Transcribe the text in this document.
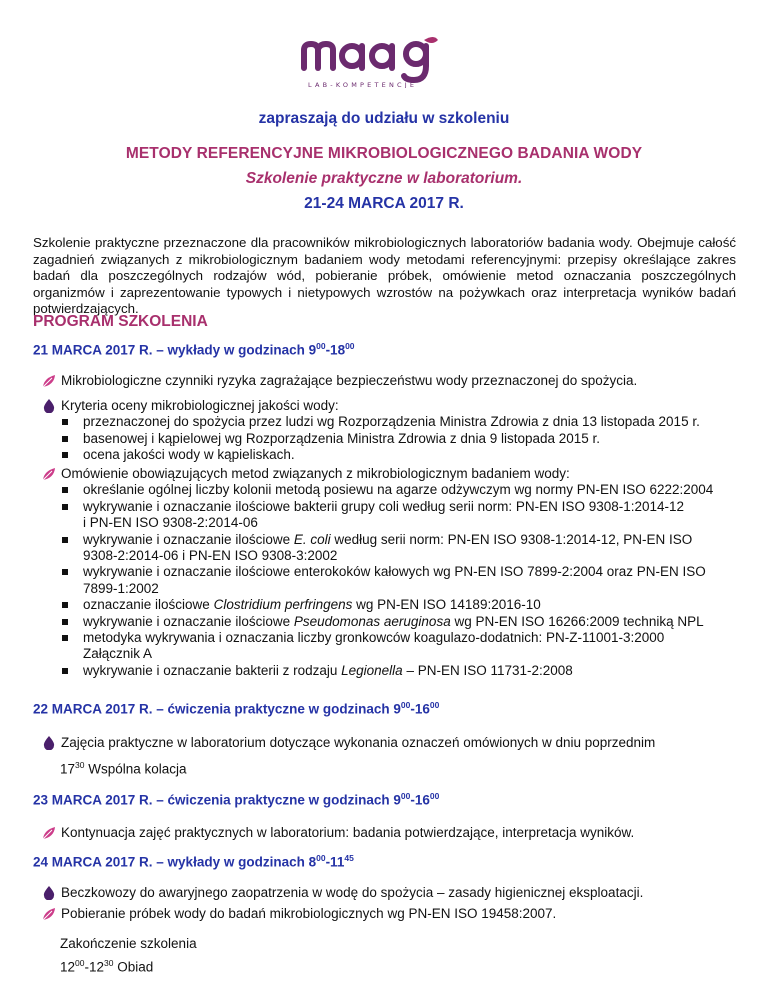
LAB-KOMPETENCJE
zapraszają do udziału w szkoleniu
METODY REFERENCYJNE MIKROBIOLOGICZNEGO BADANIA WODY
Szkolenie praktyczne w laboratorium.
21-24 MARCA 2017 R.
Szkolenie praktyczne przeznaczone dla pracowników mikrobiologicznych laboratoriów badania wody. Obejmuje całość zagadnień związanych z mikrobiologicznym badaniem wody metodami referencyjnymi: przepisy określające zakres badań dla poszczególnych rodzajów wód, pobieranie próbek, omówienie metod oznaczania poszczególnych organizmów i zaprezentowanie typowych i nietypowych wzrostów na pożywkach oraz interpretacja wyników badań potwierdzających.
PROGRAM SZKOLENIA
21 MARCA 2017 R. – wykłady w godzinach $9^{00}-18^{00}$
Mikrobiologiczne czynniki ryzyka zagrażające bezpieczeństwu wody przeznaczonej do spożycia.
Kryteria oceny mikrobiologicznej jakości wody:
przeznaczonej do spożycia przez ludzi wg Rozporządzenia Ministra Zdrowia z dnia 13 listopada 2015 r.
basenowej i kąpielowej wg Rozporządzenia Ministra Zdrowia z dnia 9 listopada 2015 r.
ocena jakości wody w kąpieliskach.
Omówienie obowiązujących metod związanych z mikrobiologicznym badaniem wody:
określanie ogólnej liczby kolonii metodą posiewu na agarze odżywczym wg normy PN-EN ISO 6222:2004
wykrywanie i oznaczanie ilościowe bakterii grupy coli według serii norm: PN-EN ISO 9308-1:2014-12
i PN-EN ISO 9308-2:2014-06
wykrywanie i oznaczanie ilościowe E. coli według serii norm: PN-EN ISO 9308-1:2014-12, PN-EN ISO
9308-2:2014-06 i PN-EN ISO 9308-3:2002
wykrywanie i oznaczanie ilościowe enterokoków kałowych wg PN-EN ISO 7899-2:2004 oraz PN-EN ISO
7899-1:2002
oznaczanie ilościowe Clostridium perfringens wg PN-EN ISO 14189:2016-10
wykrywanie i oznaczanie ilościowe Pseudomonas aeruginosa wg PN-EN ISO 16266:2009 techniką NPL
metodyka wykrywania i oznaczania liczby gronkowców koagulazo-dodatnich: PN-Z-11001-3:2000
Załącznik A
wykrywanie i oznaczanie bakterii z rodzaju Legionella – PN-EN ISO 11731-2:2008
22 MARCA 2017 R. – ćwiczenia praktyczne w godzinach $9^{00}-16^{00}$
Zajęcia praktyczne w laboratorium dotyczące wykonania oznaczeń omówionych w dniu poprzednim
$17^{30}$ Wspólna kolacja
23 MARCA 2017 R. – ćwiczenia praktyczne w godzinach $9^{00}-16^{00}$
Kontynuacja zajęć praktycznych w laboratorium: badania potwierdzające, interpretacja wyników.
24 MARCA 2017 R. – wykłady w godzinach $8^{00}-11^{45}$
Beczkowozy do awaryjnego zaopatrzenia w wodę do spożycia – zasady higienicznej eksploatacji.
Pobieranie próbek wody do badań mikrobiologicznych wg PN-EN ISO 19458:2007.
Zakończenie szkolenia
$12^{00}-12^{30}$ Obiad
